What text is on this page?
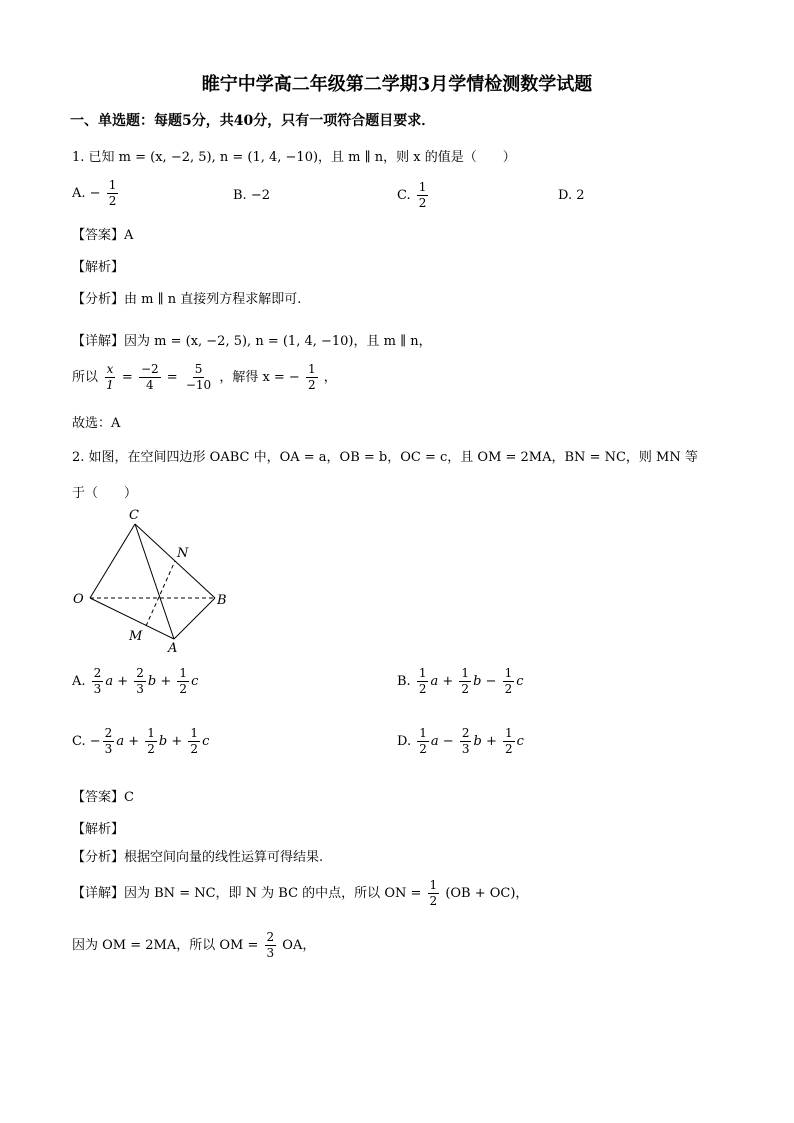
睢宁中学高二年级第二学期3月学情检测数学试题
一、单选题：每题5分，共40分，只有一项符合题目要求．
1. 已知 m = (x, −2, 5), n = (1, 4, −10)，且 m ∥ n，则 x 的值是（　　）
A. − $\frac{1}{2}$	B. −2	C. $\frac{1}{2}$	D. 2
【答案】A
【解析】
【分析】由 m ∥ n 直接列方程求解即可.
【详解】因为 m = (x, −2, 5), n = (1, 4, −10)，且 m ∥ n，
所以 $\frac{x}{1} = \frac{-2}{4} = \frac{5}{-10}$ ，解得 x = − $\frac{1}{2}$ ，
故选：A
2. 如图，在空间四边形 OABC 中，OA = a，OB = b，OC = c，且 OM = 2MA，BN = NC，则 MN 等
于（　　）
C
N
O	B
M
A
A. $\frac{2}{3}$ $a + \frac{2}{3}$ $b + \frac{1}{2}$ c	B. $\frac{1}{2}$ $a + \frac{1}{2}$ $b - \frac{1}{2}$ c
C. − $\frac{2}{3}$ $a + \frac{1}{2}$ $b + \frac{1}{2}$ c	D. $\frac{1}{2}$ $a - \frac{2}{3}$ $b + \frac{1}{2}$ c
【答案】C
【解析】
【分析】根据空间向量的线性运算可得结果.
【详解】因为 BN = NC，即 N 为 BC 的中点，所以 ON = $\frac{1}{2} (OB + OC)$，
因为 OM = 2MA，所以 OM = $\frac{2}{3}$ OA，
